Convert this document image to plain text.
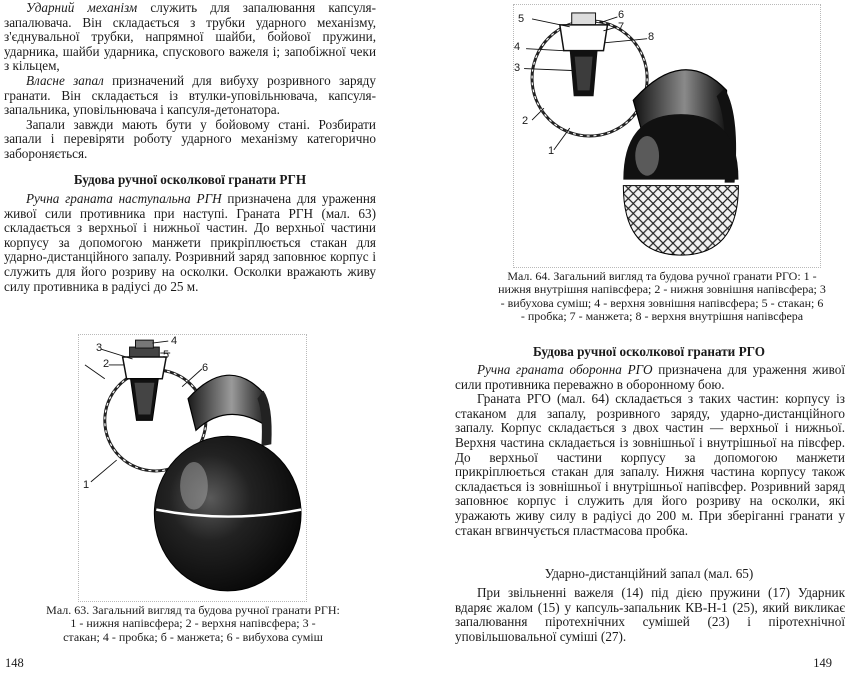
Ударний механізм служить для запалювання капсуля-запалювача. Він складається з трубки ударного механізму, з'єднувальної трубки, напрямної шайби, бойової пружини, ударника, шайби ударника, спускового важеля і; запобіжної чеки з кільцем,

Власне запал призначений для вибуху розривного заряду гранати. Він складається із втулки-уповільнювача, капсуля-запальника, уповільнювача і капсуля-детонатора.

Запали завжди мають бути у бойовому стані. Розбирати запали і перевіряти роботу ударного механізму категорично забороняється.

Будова ручної осколкової гранати РГН

Ручна граната наступальна РГН призначена для ураження живої сили противника при наступі. Граната РГН (мал. 63) складається з верхньої і нижньої частин. До верхньої частини корпусу за допомогою манжети прикріплюється стакан для ударно-дистанційного запалу. Розривний заряд заповнює корпус і служить для його розриву на осколки. Осколки вражають живу силу противника в радіусі до 25 м.

3
2
5
4
6
1
Мал. 63. Загальний вигляд та будова ручної гранати РГН:
1 - нижня напівсфера; 2 - верхня напівсфера; 3 -
стакан; 4 - пробка; б - манжета; 6 - вибухова суміш
148
5
4
3
6
7
8
2
1
Мал. 64. Загальний вигляд та будова ручної гранати РГО: 1 -
нижня внутрішня напівсфера; 2 - нижня зовнішня напівсфера; 3
- вибухова суміш; 4 - верхня зовнішня напівсфера; 5 - стакан; 6
- пробка; 7 - манжета; 8 - верхня внутрішня напівсфера
Будова ручної осколкової гранати РГО

Ручна граната оборонна РГО призначена для ураження живої сили противника переважно в оборонному бою.

Граната РГО (мал. 64) складається з таких частин: корпусу із стаканом для запалу, розривного заряду, ударно-дистанційного запалу. Корпус складається з двох частин — верхньої і нижньої. Верхня частина складається із зовнішньої і внутрішньої на півсфер. До верхньої частини корпусу за допомогою манжети прикріплюється стакан для запалу. Нижня частина корпусу також складається із зовнішньої і внутрішньої напівсфер. Розривний заряд заповнює корпус і служить для його розриву на осколки, які уражають живу силу в радіусі до 200 м. При зберіганні гранати у стакан вгвинчується пластмасова пробка.

Ударно-дистанційний запал (мал. 65)

При звільненні важеля (14) під дією пружини (17) Ударник вдаряє жалом (15) у капсуль-запальник КВ-Н-1 (25), який викликає запалювання піротехнічних сумішей (23) і піротехнічної уповільшовальної суміші (27).

149
